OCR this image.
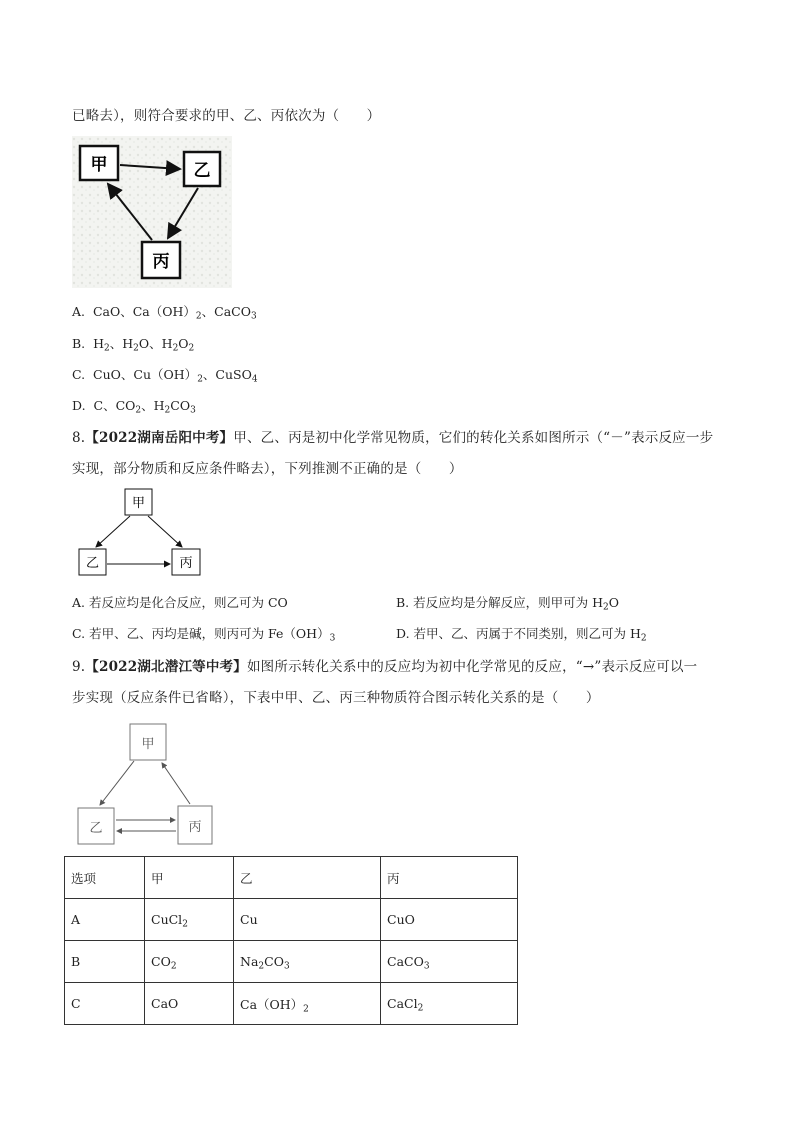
已略去），则符合要求的甲、乙、丙依次为（　　）
甲	乙
丙
A. CaO、$Ca(OH)_2$、CaCO$_3$
B. $H_2$、$H_2O$、$H_2O_2$
C. CuO、$Cu(OH)_2$、CuSO$_4$
D. C、$CO_2$、$H_2CO_3$
8.【2022湖南岳阳中考】甲、乙、丙是初中化学常见物质，它们的转化关系如图所示（“－”表示反应一步
实现，部分物质和反应条件略去），下列推测不正确的是（　　）
甲
乙	丙
A. 若反应均是化合反应，则乙可为 CO	B. 若反应均是分解反应，则甲可为 $H_2O$
C. 若甲、乙、丙均是碱，则丙可为 $Fe(OH)_3$	D. 若甲、乙、丙属于不同类别，则乙可为 $H_2$
9.【2022湖北潜江等中考】如图所示转化关系中的反应均为初中化学常见的反应，“→”表示反应可以一
步实现（反应条件已省略），下表中甲、乙、丙三种物质符合图示转化关系的是（　　）
甲
乙	丙
选项	甲	乙	丙
A	CuCl$_2$	Cu	CuO
B	$CO_2$	$Na_2CO_3$	CaCO$_3$
C	CaO	$Ca(OH)_2$	CaCl$_2$
